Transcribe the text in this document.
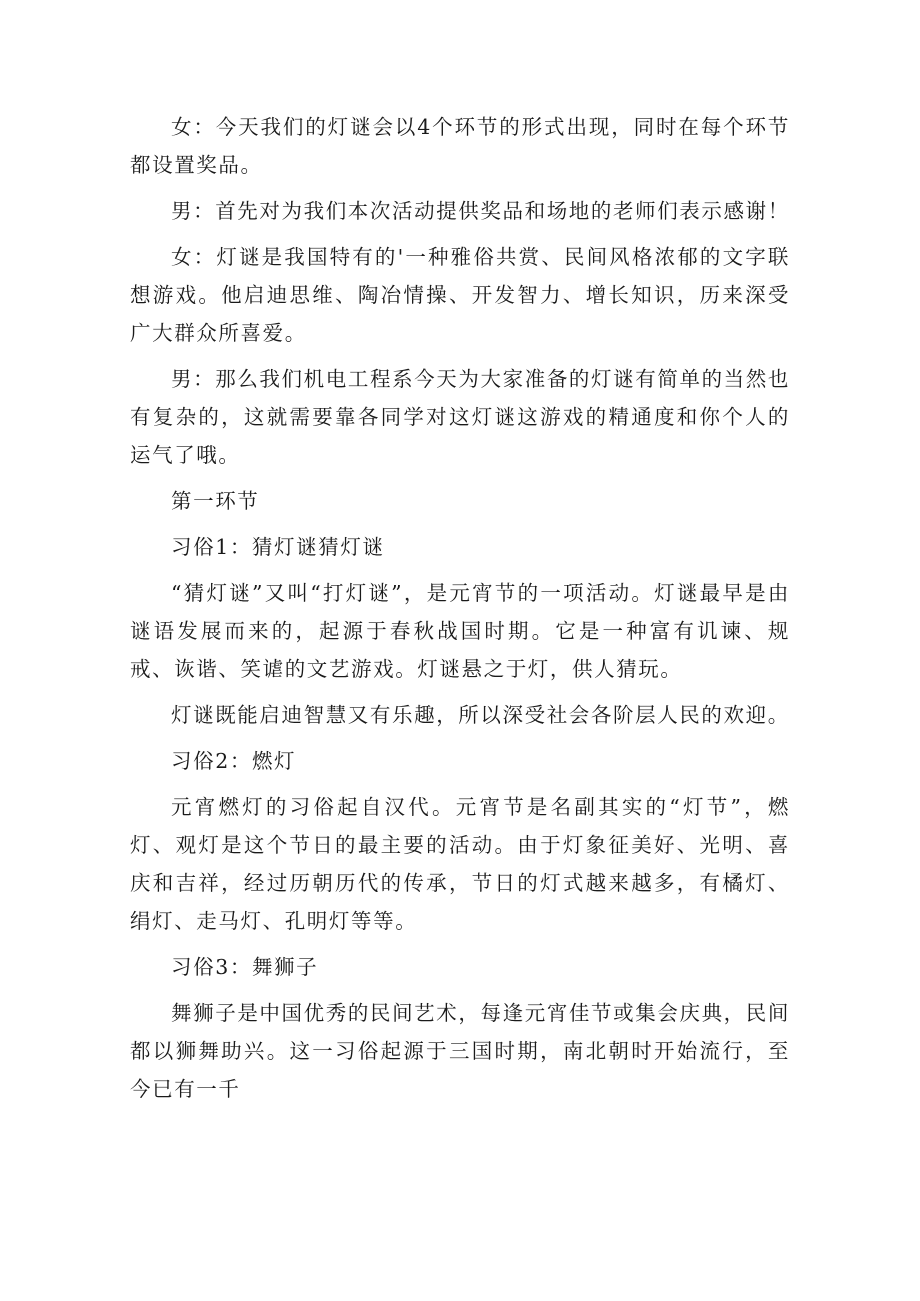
女：今天我们的灯谜会以4个环节的形式出现，同时在每个环节都设置奖品。

男：首先对为我们本次活动提供奖品和场地的老师们表示感谢！

女：灯谜是我国特有的'一种雅俗共赏、民间风格浓郁的文字联想游戏。他启迪思维、陶冶情操、开发智力、增长知识，历来深受广大群众所喜爱。

男：那么我们机电工程系今天为大家准备的灯谜有简单的当然也有复杂的，这就需要靠各同学对这灯谜这游戏的精通度和你个人的运气了哦。

第一环节

习俗1：猜灯谜猜灯谜

“猜灯谜”又叫“打灯谜”，是元宵节的一项活动。灯谜最早是由谜语发展而来的，起源于春秋战国时期。它是一种富有讥谏、规戒、诙谐、笑谑的文艺游戏。灯谜悬之于灯，供人猜玩。

灯谜既能启迪智慧又有乐趣，所以深受社会各阶层人民的欢迎。

习俗2：燃灯

元宵燃灯的习俗起自汉代。元宵节是名副其实的“灯节”，燃灯、观灯是这个节日的最主要的活动。由于灯象征美好、光明、喜庆和吉祥，经过历朝历代的传承，节日的灯式越来越多，有橘灯、绢灯、走马灯、孔明灯等等。

习俗3：舞狮子

舞狮子是中国优秀的民间艺术，每逢元宵佳节或集会庆典，民间都以狮舞助兴。这一习俗起源于三国时期，南北朝时开始流行，至今已有一千
